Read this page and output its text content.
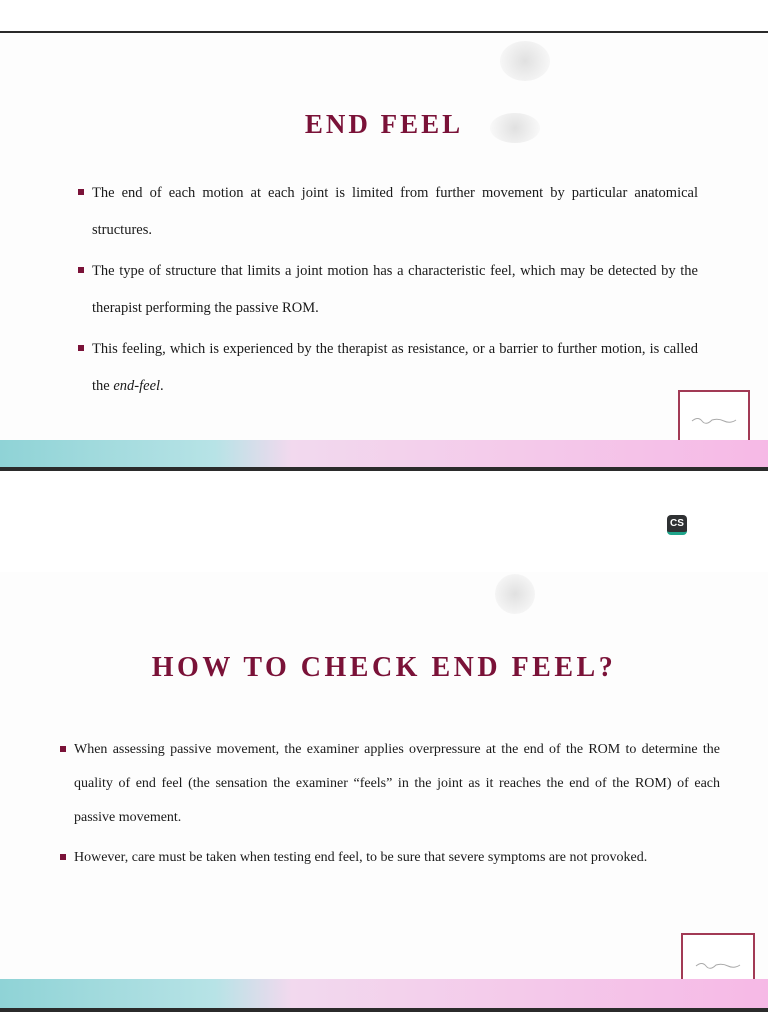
END FEEL
The end of each motion at each joint is limited from further movement by particular anatomical structures.
The type of structure that limits a joint motion has a characteristic feel, which may be detected by the therapist performing the passive ROM.
This feeling, which is experienced by the therapist as resistance, or a barrier to further motion, is called the end-feel.
CS
HOW TO CHECK END FEEL?
When assessing passive movement, the examiner applies overpressure at the end of the ROM to determine the quality of end feel (the sensation the examiner “feels” in the joint as it reaches the end of the ROM) of each passive movement.
However, care must be taken when testing end feel, to be sure that severe symptoms are not provoked.
